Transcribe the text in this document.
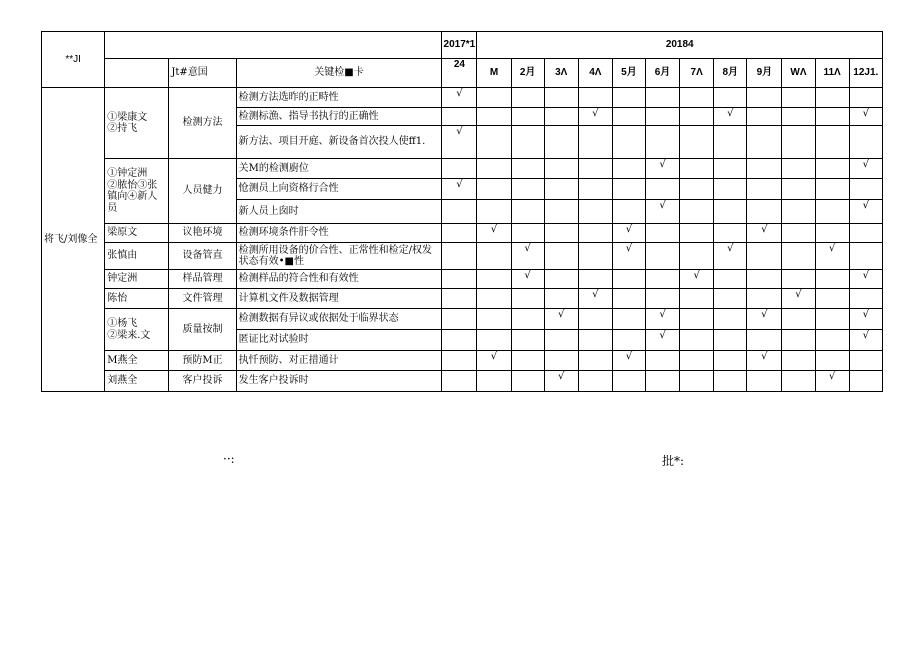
**JI				2017*1	20184											
		Jt#意国	关键检■卡	24	M	2月	3Λ	4Λ	5月	6月	7Λ	8月	9月	WΛ	11Λ	12J1.
将飞/刘像全	①梁康文
②持飞	检测方法	检测方法选昨的正畤性	√												
			检测标漁、指导书执行的正确性					√				√				√
			新方法、项目开庭、新设备首次投人使ff1.	√												
	①钟定洲
②脓怡③张
镇向④新人
员	人员健力	关M的检测廚位							√						√
			怆测员上向资格行合性	√												
			新人员上囱时							√						√
	梁原文	议艳环境	检测环境条件肝令性		√				√				√			
	张慎由	设备管直	检测所用设备的价合性、正常性和检定/权发状态有效•■性			√			√			√			√	
	钟定洲	样品管理	检测样品的符合性和有效性			√					√					√
	陈怡	文件管理	计算机文件及数据管理					√						√		
	①杨飞
②梁来.文	质量按制	检测数据有异议或依据处于临界状态				√			√			√			√
			匿证比对试验时							√						√
	M燕全	预防M正	执忏预防、对正措通计		√				√				√			
	刘燕全	客户投诉	发生客户投诉时				√								√	
··:	批*:
